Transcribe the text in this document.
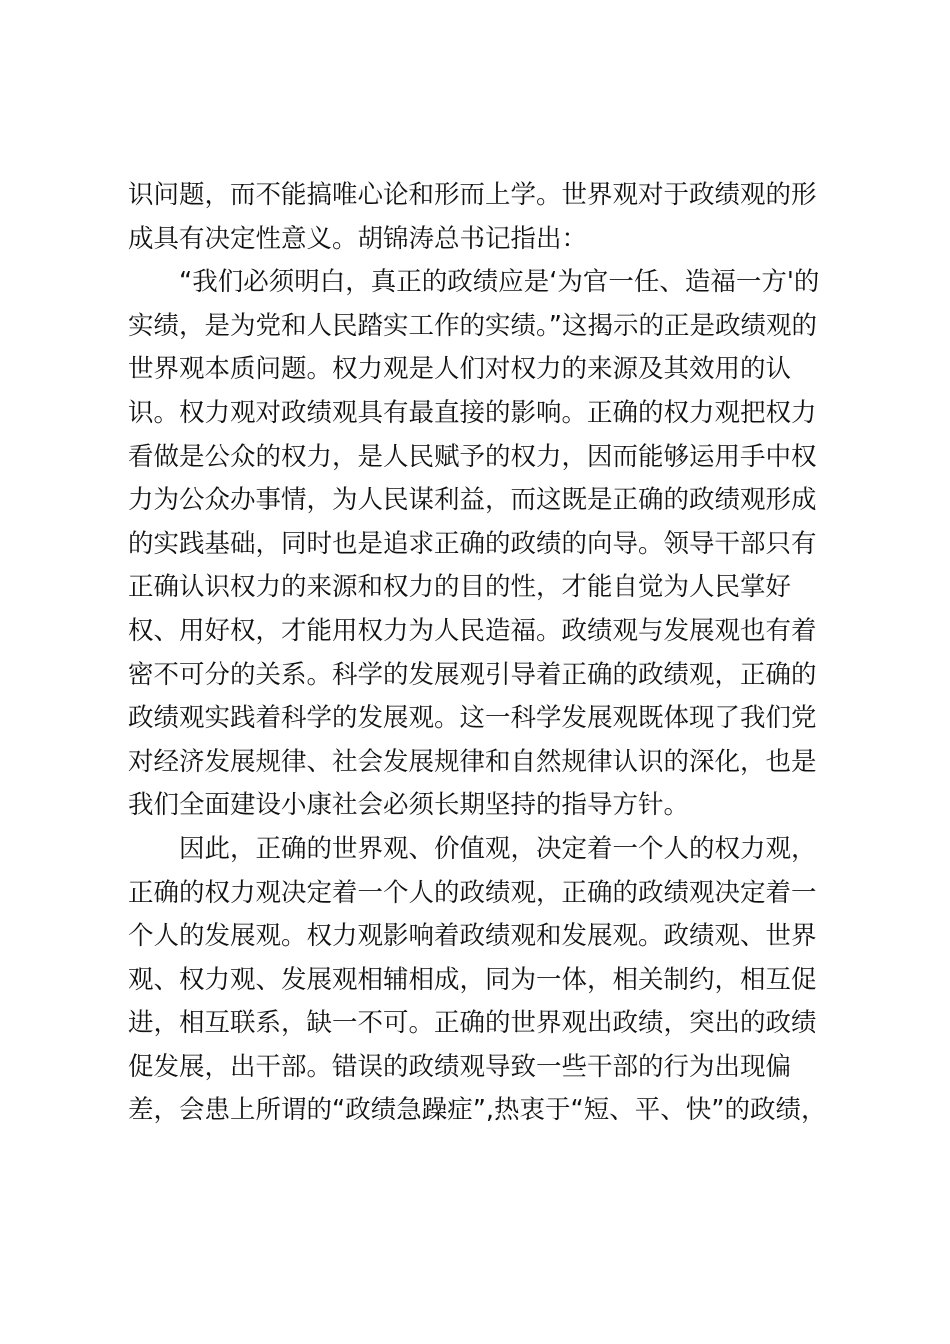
识问题，而不能搞唯心论和形而上学。世界观对于政绩观的形
成具有决定性意义。胡锦涛总书记指出：
“我们必须明白，真正的政绩应是‘为官一任、造福一方'的
实绩，是为党和人民踏实工作的实绩。”这揭示的正是政绩观的
世界观本质问题。权力观是人们对权力的来源及其效用的认
识。权力观对政绩观具有最直接的影响。正确的权力观把权力
看做是公众的权力，是人民赋予的权力，因而能够运用手中权
力为公众办事情，为人民谋利益，而这既是正确的政绩观形成
的实践基础，同时也是追求正确的政绩的向导。领导干部只有
正确认识权力的来源和权力的目的性，才能自觉为人民掌好
权、用好权，才能用权力为人民造福。政绩观与发展观也有着
密不可分的关系。科学的发展观引导着正确的政绩观，正确的
政绩观实践着科学的发展观。这一科学发展观既体现了我们党
对经济发展规律、社会发展规律和自然规律认识的深化，也是
我们全面建设小康社会必须长期坚持的指导方针。
因此，正确的世界观、价值观，决定着一个人的权力观，
正确的权力观决定着一个人的政绩观，正确的政绩观决定着一
个人的发展观。权力观影响着政绩观和发展观。政绩观、世界
观、权力观、发展观相辅相成，同为一体，相关制约，相互促
进，相互联系，缺一不可。正确的世界观出政绩，突出的政绩
促发展，出干部。错误的政绩观导致一些干部的行为出现偏
差，会患上所谓的“政绩急躁症”,热衷于“短、平、快”的政绩，
